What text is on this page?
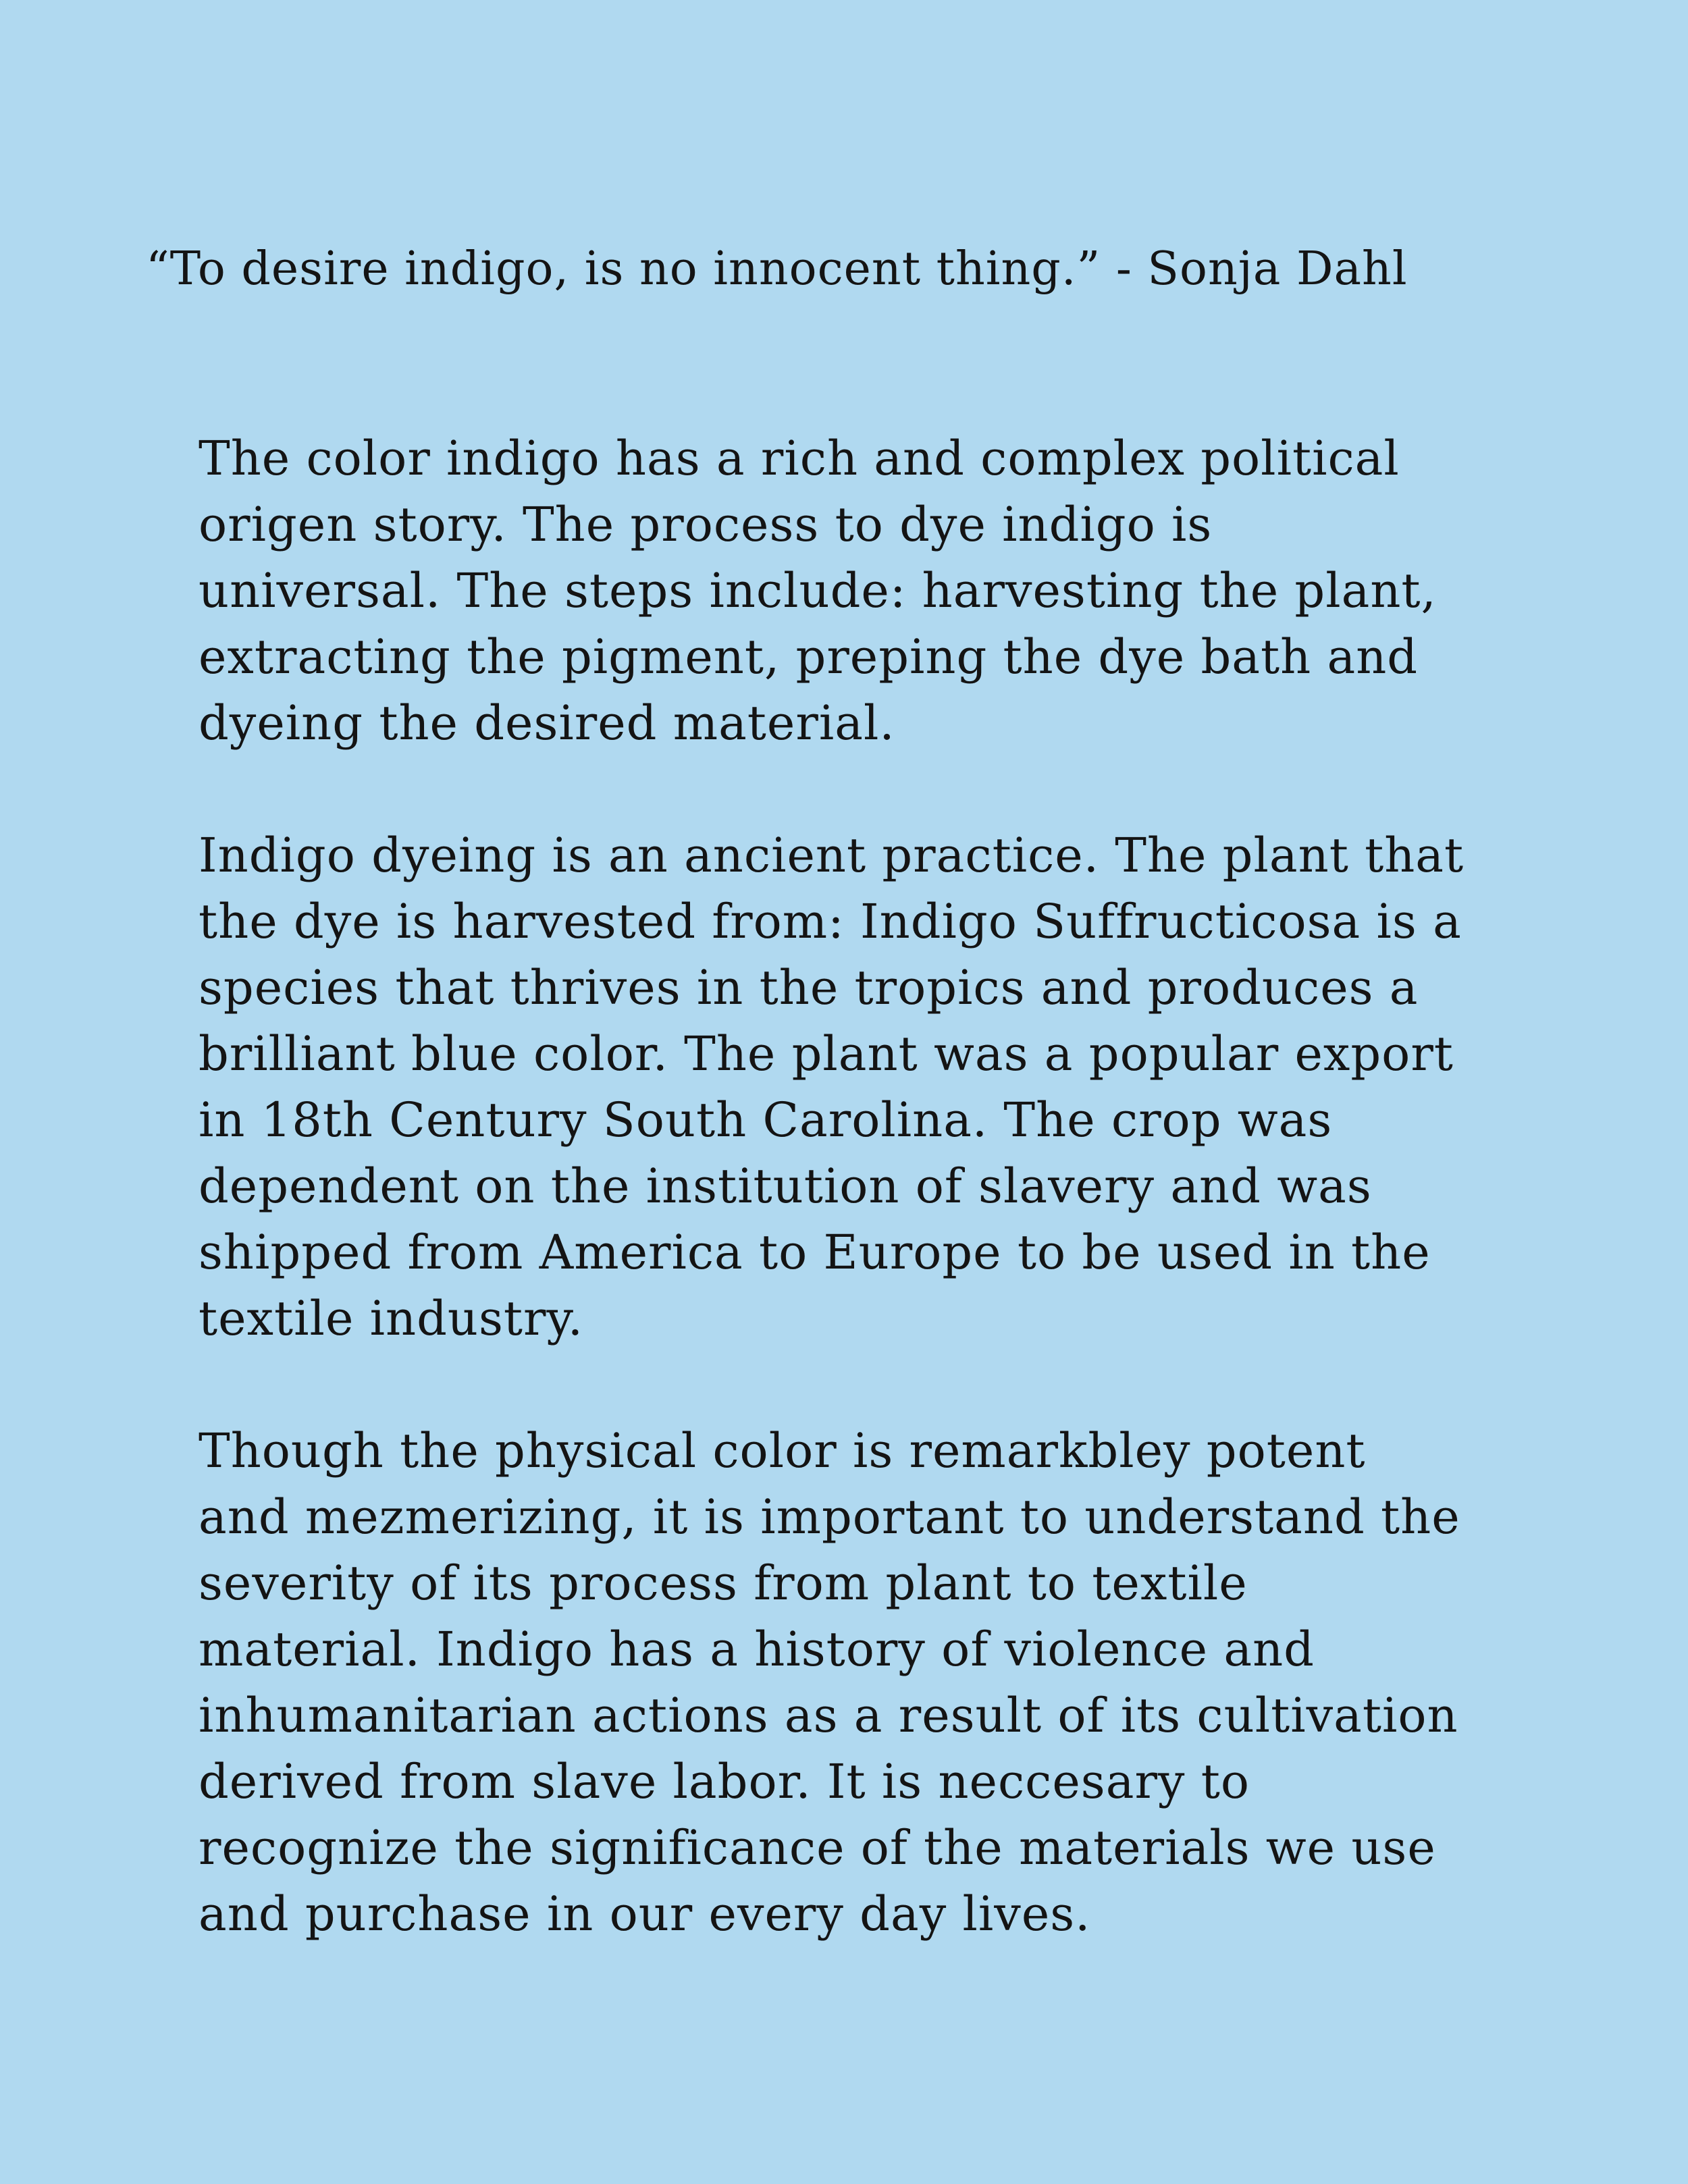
“To desire indigo, is no innocent thing.” - Sonja Dahl

The color indigo has a rich and complex political
origen story. The process to dye indigo is
universal. The steps include: harvesting the plant,
extracting the pigment, preping the dye bath and
dyeing the desired material.

Indigo dyeing is an ancient practice. The plant that
the dye is harvested from: Indigo Suffructicosa is a
species that thrives in the tropics and produces a
brilliant blue color. The plant was a popular export
in 18th Century South Carolina. The crop was
dependent on the institution of slavery and was
shipped from America to Europe to be used in the
textile industry.

Though the physical color is remarkbley potent
and mezmerizing, it is important to understand the
severity of its process from plant to textile
material. Indigo has a history of violence and
inhumanitarian actions as a result of its cultivation
derived from slave labor. It is neccesary to
recognize the significance of the materials we use
and purchase in our every day lives.
